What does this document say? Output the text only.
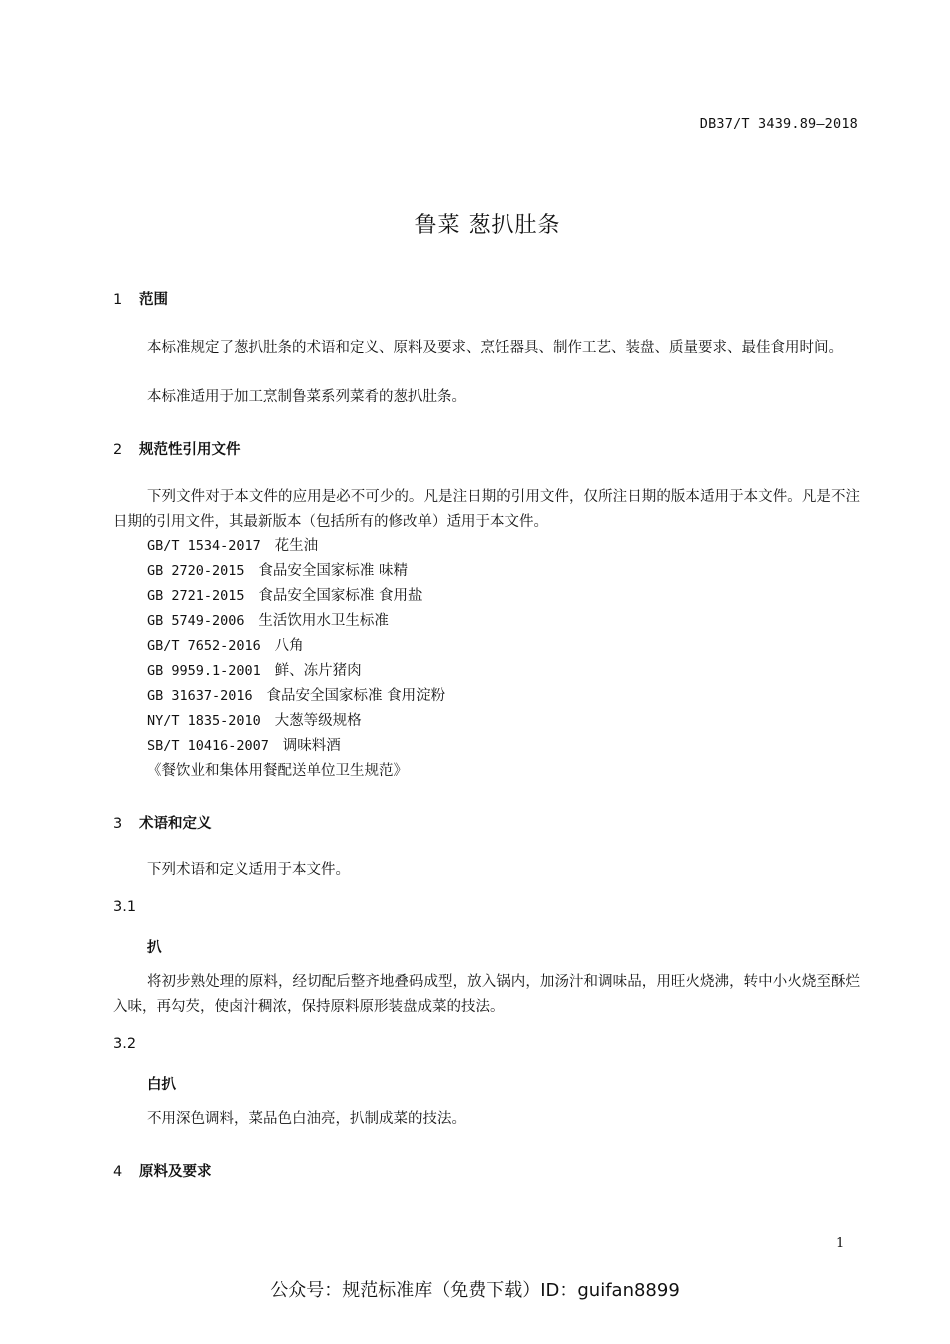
DB37/T 3439.89—2018
鲁菜 葱扒肚条
1 范围
本标准规定了葱扒肚条的术语和定义、原料及要求、烹饪器具、制作工艺、装盘、质量要求、最佳食用时间。
本标准适用于加工烹制鲁菜系列菜肴的葱扒肚条。
2 规范性引用文件
下列文件对于本文件的应用是必不可少的。凡是注日期的引用文件，仅所注日期的版本适用于本文件。凡是不注日期的引用文件，其最新版本（包括所有的修改单）适用于本文件。
GB/T 1534-2017 花生油
GB 2720-2015 食品安全国家标准 味精
GB 2721-2015 食品安全国家标准 食用盐
GB 5749-2006 生活饮用水卫生标准
GB/T 7652-2016 八角
GB 9959.1-2001 鲜、冻片猪肉
GB 31637-2016 食品安全国家标准 食用淀粉
NY/T 1835-2010 大葱等级规格
SB/T 10416-2007 调味料酒
《餐饮业和集体用餐配送单位卫生规范》
3 术语和定义
下列术语和定义适用于本文件。
3.1
扒
将初步熟处理的原料，经切配后整齐地叠码成型，放入锅内，加汤汁和调味品，用旺火烧沸，转中小火烧至酥烂入味，再勾芡，使卤汁稠浓，保持原料原形装盘成菜的技法。
3.2
白扒
不用深色调料，菜品色白油亮，扒制成菜的技法。
4 原料及要求
1
公众号：规范标准库（免费下载）ID：guifan8899
